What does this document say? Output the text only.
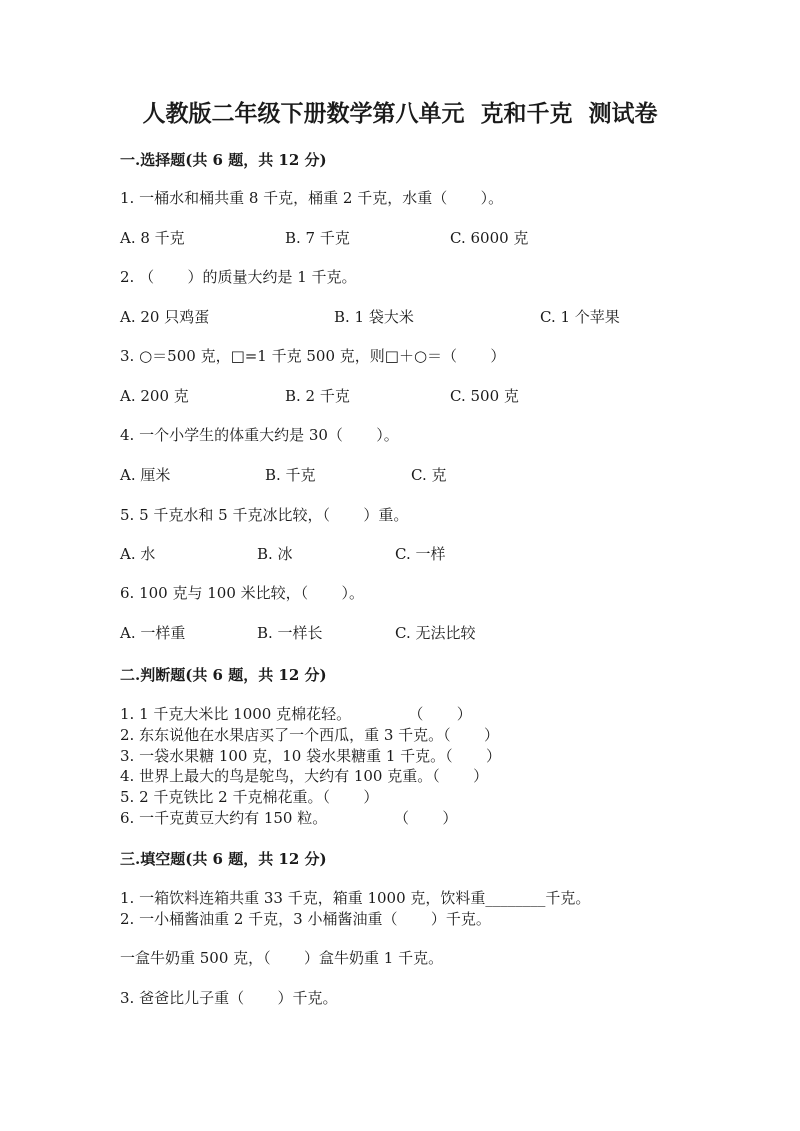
人教版二年级下册数学第八单元  克和千克  测试卷
一.选择题(共 6 题，共 12 分)
1. 一桶水和桶共重 8 千克，桶重 2 千克，水重（       ）。
A. 8 千克	B. 7 千克	C. 6000 克
2. （       ）的质量大约是 1 千克。
A. 20 只鸡蛋	B. 1 袋大米	C. 1 个苹果
3. ○＝500 克，□=1 千克 500 克，则□＋○＝（       ）
A. 200 克	B. 2 千克	C. 500 克
4. 一个小学生的体重大约是 30（       ）。
A. 厘米	B. 千克	C. 克
5. 5 千克水和 5 千克冰比较，（       ）重。
A. 水	B. 冰	C. 一样
6. 100 克与 100 米比较，（       ）。
A. 一样重	B. 一样长	C. 无法比较
二.判断题(共 6 题，共 12 分)
1. 1 千克大米比 1000 克棉花轻。            （       ）
2. 东东说他在水果店买了一个西瓜，重 3 千克。（       ）
3. 一袋水果糖 100 克，10 袋水果糖重 1 千克。（       ）
4. 世界上最大的鸟是鸵鸟，大约有 100 克重。（       ）
5. 2 千克铁比 2 千克棉花重。（       ）
6. 一千克黄豆大约有 150 粒。              （       ）
三.填空题(共 6 题，共 12 分)
1. 一箱饮料连箱共重 33 千克，箱重 1000 克，饮料重________千克。
2. 一小桶酱油重 2 千克，3 小桶酱油重（       ）千克。
一盒牛奶重 500 克，（       ）盒牛奶重 1 千克。
3. 爸爸比儿子重（       ）千克。
